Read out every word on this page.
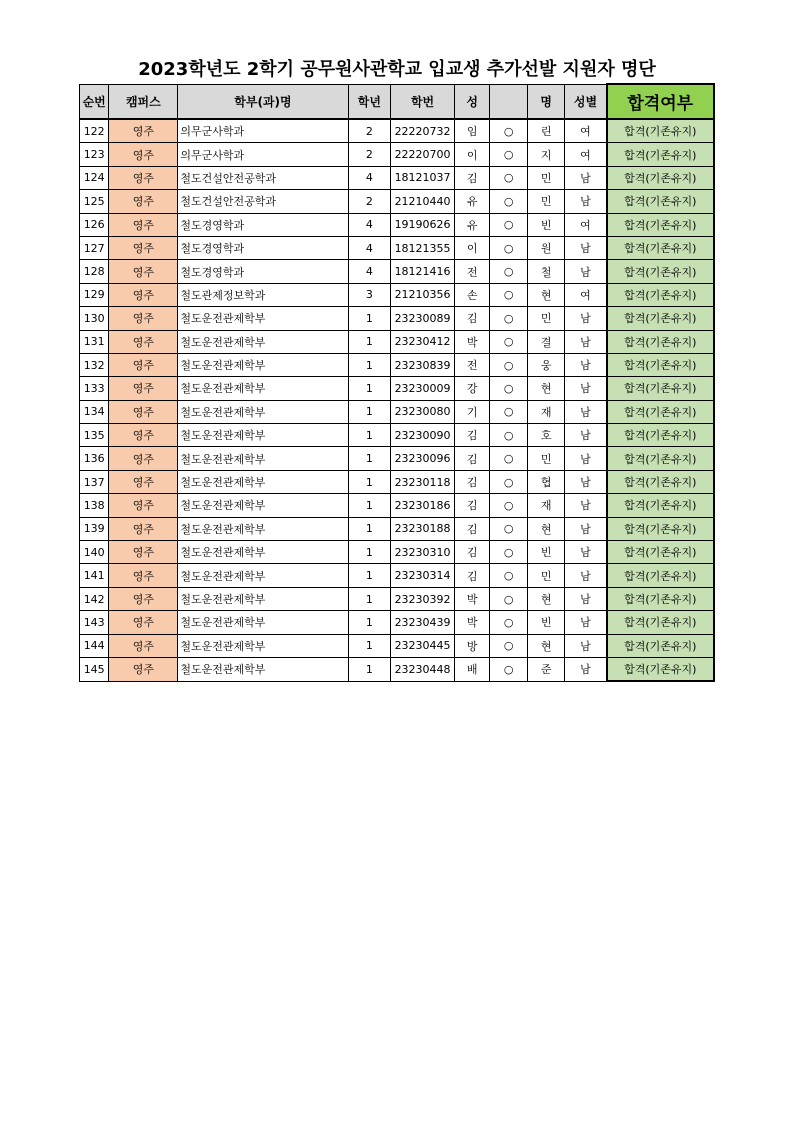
2023학년도 2학기 공무원사관학교 입교생 추가선발 지원자 명단
순번	캠퍼스	학부(과)명	학년	학번	성		명	성별	합격여부
122	영주	의무군사학과	2	22220732	임	○	린	여	합격(기존유지)
123	영주	의무군사학과	2	22220700	이	○	지	여	합격(기존유지)
124	영주	철도건설안전공학과	4	18121037	김	○	민	남	합격(기존유지)
125	영주	철도건설안전공학과	2	21210440	유	○	민	남	합격(기존유지)
126	영주	철도경영학과	4	19190626	유	○	빈	여	합격(기존유지)
127	영주	철도경영학과	4	18121355	이	○	원	남	합격(기존유지)
128	영주	철도경영학과	4	18121416	전	○	철	남	합격(기존유지)
129	영주	철도관제정보학과	3	21210356	손	○	현	여	합격(기존유지)
130	영주	철도운전관제학부	1	23230089	김	○	민	남	합격(기존유지)
131	영주	철도운전관제학부	1	23230412	박	○	결	남	합격(기존유지)
132	영주	철도운전관제학부	1	23230839	전	○	웅	남	합격(기존유지)
133	영주	철도운전관제학부	1	23230009	강	○	현	남	합격(기존유지)
134	영주	철도운전관제학부	1	23230080	기	○	재	남	합격(기존유지)
135	영주	철도운전관제학부	1	23230090	김	○	호	남	합격(기존유지)
136	영주	철도운전관제학부	1	23230096	김	○	민	남	합격(기존유지)
137	영주	철도운전관제학부	1	23230118	김	○	협	남	합격(기존유지)
138	영주	철도운전관제학부	1	23230186	김	○	재	남	합격(기존유지)
139	영주	철도운전관제학부	1	23230188	김	○	현	남	합격(기존유지)
140	영주	철도운전관제학부	1	23230310	김	○	빈	남	합격(기존유지)
141	영주	철도운전관제학부	1	23230314	김	○	민	남	합격(기존유지)
142	영주	철도운전관제학부	1	23230392	박	○	현	남	합격(기존유지)
143	영주	철도운전관제학부	1	23230439	박	○	빈	남	합격(기존유지)
144	영주	철도운전관제학부	1	23230445	방	○	현	남	합격(기존유지)
145	영주	철도운전관제학부	1	23230448	배	○	준	남	합격(기존유지)
